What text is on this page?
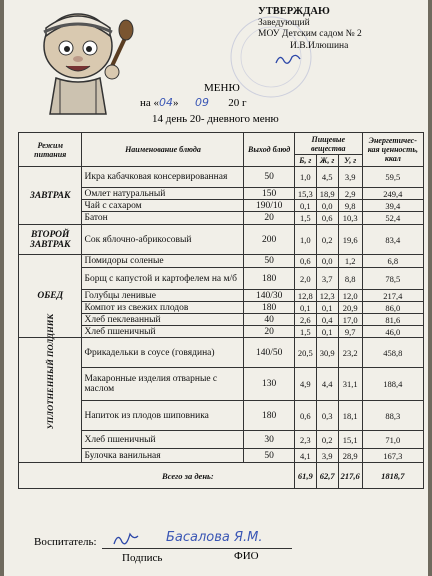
УТВЕРЖДАЮ
Заведующий
МОУ Детским садом № 2
И.В.Илюшина
МЕНЮ
на «04» 09 20 г
14 день 20- дневного меню
Режим питания	Наименование блюда	Выход блюд	Пищевые вещества			Энергетичес-кая ценность, ккал
			Б, г	Ж, г	У, г	
ЗАВТРАК	Икра кабачковая консервированная	50	1,0	4,5	3,9	59,5
	Омлет натуральный	150	15,3	18,9	2,9	249,4
	Чай с сахаром	190/10	0,1	0,0	9,8	39,4
	Батон	20	1,5	0,6	10,3	52,4
ВТОРОЙ ЗАВТРАК	Сок яблочно-абрикосовый	200	1,0	0,2	19,6	83,4
ОБЕД	Помидоры соленые	50	0,6	0,0	1,2	6,8
	Борщ с капустой и картофелем на м/б	180	2,0	3,7	8,8	78,5
	Голубцы ленивые	140/30	12,8	12,3	12,0	217,4
	Компот из свежих плодов	180	0,1	0,1	20,9	86,0
	Хлеб пеклеванный	40	2,6	0,4	17,0	81,6
	Хлеб пшеничный	20	1,5	0,1	9,7	46,0

УПЛОТНЕННЫЙ ПОЛДНИК	Фрикадельки в соусе (говядина)	140/50	20,5	30,9	23,2	458,8
	Макаронные изделия отварные с маслом	130	4,9	4,4	31,1	188,4
	Напиток из плодов шиповника	180	0,6	0,3	18,1	88,3
	Хлеб пшеничный	30	2,3	0,2	15,1	71,0
	Булочка ванильная	50	4,1	3,9	28,9	167,3
	Всего за день:		61,9	62,7	217,6	1818,7
Воспитатель:	Басалова Я.М.
Подпись	ФИО
